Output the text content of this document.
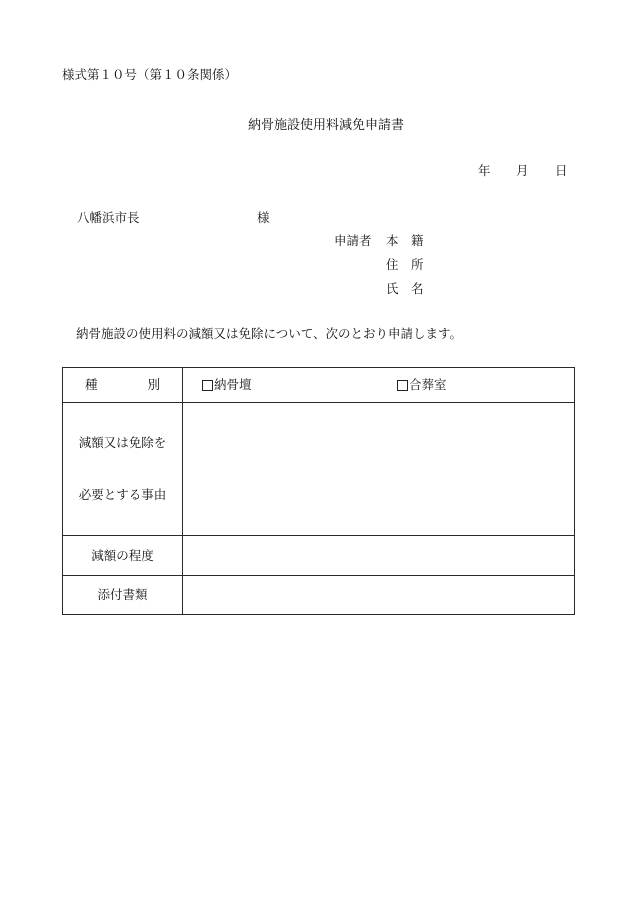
様式第１０号（第１０条関係）
納骨施設使用料減免申請書
年 月 日
八幡浜市長	様
申請者 本　籍
住　所
氏　名
納骨施設の使用料の減額又は免除について、次のとおり申請します。
種　　　　別	納骨壇 合葬室

減額又は免除を

必要とする事由	

減額の程度	
添付書類	
